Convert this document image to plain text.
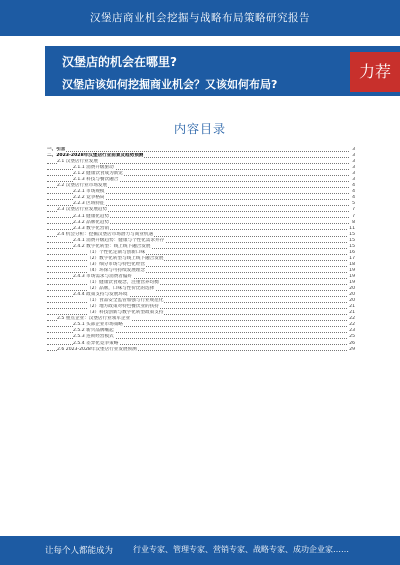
汉堡店商业机会挖掘与战略布局策略研究报告
汉堡店的机会在哪里?
汉堡店该如何挖掘商业机会？又该如何布局?
力荐
内容目录
一、引言	3
二、2023-2028年汉堡店行业前景及趋势预测	3
2.1 汉堡店行业发展	3
2.1.1 消费升级驱动	3
2.1.2 健康饮食成为新宠	3
2.1.3 科技与餐饮融合	3
2.2 汉堡店行业市场发展	4
2.2.1 市场规模	4
2.2.2 竞争格局	4
2.2.3 区域特征	5
2.3 汉堡店行业发展趋势	7
2.3.1 健康化趋势	7
2.3.2 品牌化趋势	8
2.3.3 数字化营销	11
2.4 机会分析：挖掘汉堡店市场潜力与商业机遇	15
2.4.1 消费升级趋势：健康与个性化需求并存	15
2.4.2 数字化转型：线上线下融合发展	15
（1）个性化定制与创新口味	16
（2）数字化转型与线上线下融合发展	17
（3）细分市场与特色化经营	18
（4）环保与可持续发展理念	19
2.4.3 市场需求与消费者偏好	19
（1）健康饮食观念，注重营养均衡	19
（2）品牌，口味与性价比的选择	20
2.4.4 政策支持与发展环境	20
（1）食品安全监管加强与行业规范化	20
（2）地方政策对特色餐饮业的扶持	21
（3）科技创新与数字化转型政策支持	21
2.5 重点企业：汉堡店行业领军企业	22
2.5.1 头部企业市场策略	22
2.5.2 新兴品牌崛起	23
2.5.3 连锁经营模式	25
2.5.4 差异化竞争策略	26
2.6 2023-2028年汉堡店行业发展预测	29
让每个人都能成为 行业专家、管理专家、营销专家、战略专家、成功企业家……
